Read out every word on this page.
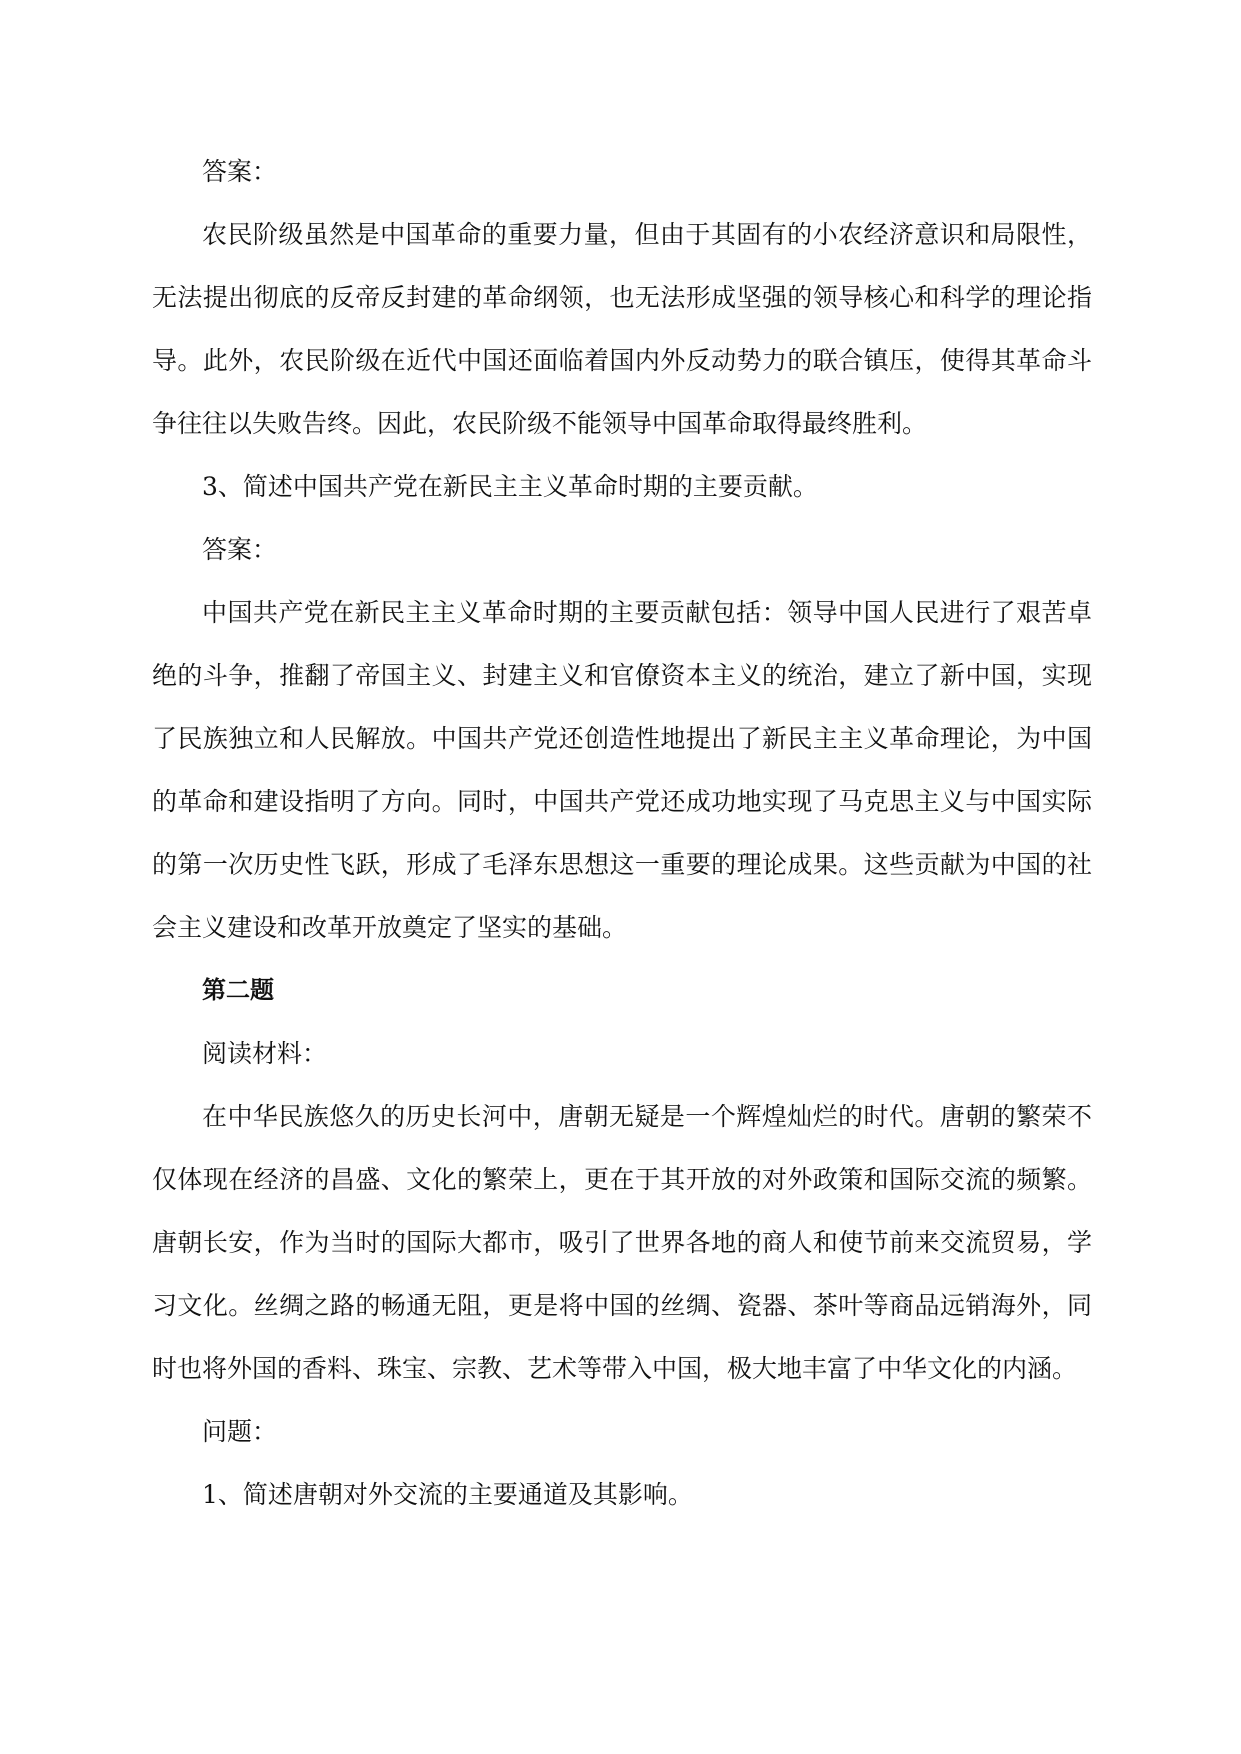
答案：

农民阶级虽然是中国革命的重要力量，但由于其固有的小农经济意识和局限性，无法提出彻底的反帝反封建的革命纲领，也无法形成坚强的领导核心和科学的理论指导。此外，农民阶级在近代中国还面临着国内外反动势力的联合镇压，使得其革命斗争往往以失败告终。因此，农民阶级不能领导中国革命取得最终胜利。

3、简述中国共产党在新民主主义革命时期的主要贡献。

答案：

中国共产党在新民主主义革命时期的主要贡献包括：领导中国人民进行了艰苦卓绝的斗争，推翻了帝国主义、封建主义和官僚资本主义的统治，建立了新中国，实现了民族独立和人民解放。中国共产党还创造性地提出了新民主主义革命理论，为中国的革命和建设指明了方向。同时，中国共产党还成功地实现了马克思主义与中国实际的第一次历史性飞跃，形成了毛泽东思想这一重要的理论成果。这些贡献为中国的社会主义建设和改革开放奠定了坚实的基础。

第二题

阅读材料：

在中华民族悠久的历史长河中，唐朝无疑是一个辉煌灿烂的时代。唐朝的繁荣不仅体现在经济的昌盛、文化的繁荣上，更在于其开放的对外政策和国际交流的频繁。唐朝长安，作为当时的国际大都市，吸引了世界各地的商人和使节前来交流贸易，学习文化。丝绸之路的畅通无阻，更是将中国的丝绸、瓷器、茶叶等商品远销海外，同时也将外国的香料、珠宝、宗教、艺术等带入中国，极大地丰富了中华文化的内涵。

问题：

1、简述唐朝对外交流的主要通道及其影响。
